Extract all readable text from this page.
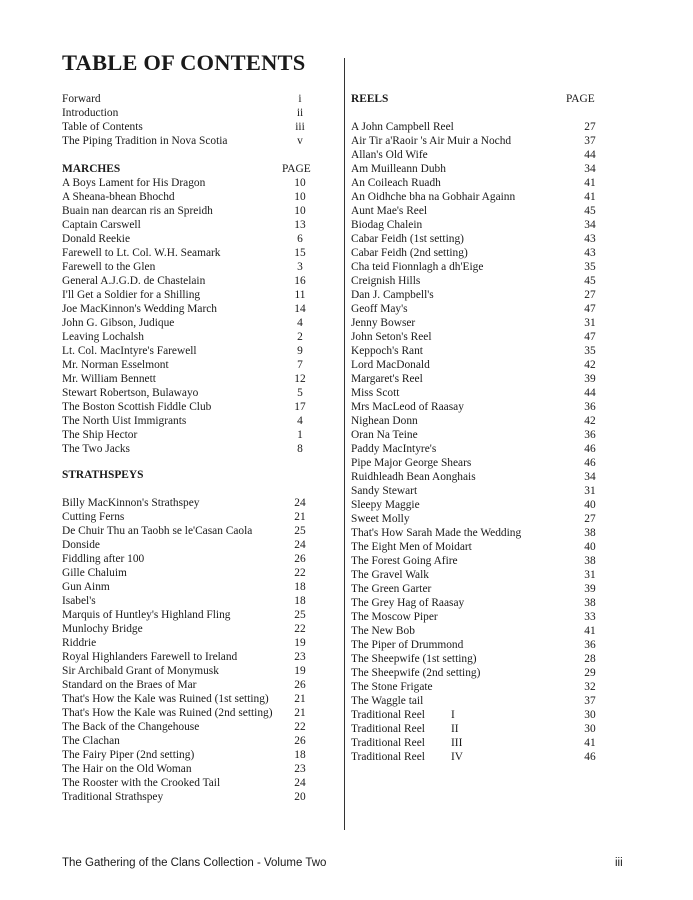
TABLE OF CONTENTS
Forward	i
Introduction	ii
Table of Contents	iii
The Piping Tradition in Nova Scotia	v
MARCHES	PAGE
A Boys Lament for His Dragon	10
A Sheana-bhean Bhochd	10
Buain nan dearcan ris an Spreidh	10
Captain Carswell	13
Donald Reekie	6
Farewell to Lt. Col. W.H. Seamark	15
Farewell to the Glen	3
General A.J.G.D. de Chastelain	16
I'll Get a Soldier for a Shilling	11
Joe MacKinnon's Wedding March	14
John G. Gibson, Judique	4
Leaving Lochalsh	2
Lt. Col. MacIntyre's Farewell	9
Mr. Norman Esselmont	7
Mr. William Bennett	12
Stewart Robertson, Bulawayo	5
The Boston Scottish Fiddle Club	17
The North Uist Immigrants	4
The Ship Hector	1
The Two Jacks	8
STRATHSPEYS
Billy MacKinnon's Strathspey	24
Cutting Ferns	21
De Chuir Thu an Taobh se le'Casan Caola	25
Donside	24
Fiddling after 100	26
Gille Chaluim	22
Gun Ainm	18
Isabel's	18
Marquis of Huntley's Highland Fling	25
Munlochy Bridge	22
Riddrie	19
Royal Highlanders Farewell to Ireland	23
Sir Archibald Grant of Monymusk	19
Standard on the Braes of Mar	26
That's How the Kale was Ruined (1st setting)	21
That's How the Kale was Ruined (2nd setting)	21
The Back of the Changehouse	22
The Clachan	26
The Fairy Piper (2nd setting)	18
The Hair on the Old Woman	23
The Rooster with the Crooked Tail	24
Traditional Strathspey	20
REELS	PAGE
A John Campbell Reel	27
Air Tir a'Raoir 's Air Muir a Nochd	37
Allan's Old Wife	44
Am Muilleann Dubh	34
An Coileach Ruadh	41
An Oidhche bha na Gobhair Againn	41
Aunt Mae's Reel	45
Biodag Chalein	34
Cabar Feidh (1st setting)	43
Cabar Feidh (2nd setting)	43
Cha teid Fionnlagh a dh'Eige	35
Creignish Hills	45
Dan J. Campbell's	27
Geoff May's	47
Jenny Bowser	31
John Seton's Reel	47
Keppoch's Rant	35
Lord MacDonald	42
Margaret's Reel	39
Miss Scott	44
Mrs MacLeod of Raasay	36
Nighean Donn	42
Oran Na Teine	36
Paddy MacIntyre's	46
Pipe Major George Shears	46
Ruidhleadh Bean Aonghais	34
Sandy Stewart	31
Sleepy Maggie	40
Sweet Molly	27
That's How Sarah Made the Wedding	38
The Eight Men of Moidart	40
The Forest Going Afire	38
The Gravel Walk	31
The Green Garter	39
The Grey Hag of Raasay	38
The Moscow Piper	33
The New Bob	41
The Piper of Drummond	36
The Sheepwife (1st setting)	28
The Sheepwife (2nd setting)	29
The Stone Frigate	32
The Waggle tail	37
Traditional Reel I	30
Traditional Reel II	30
Traditional Reel III	41
Traditional Reel IV	46
The Gathering of the Clans Collection - Volume Two	iii
